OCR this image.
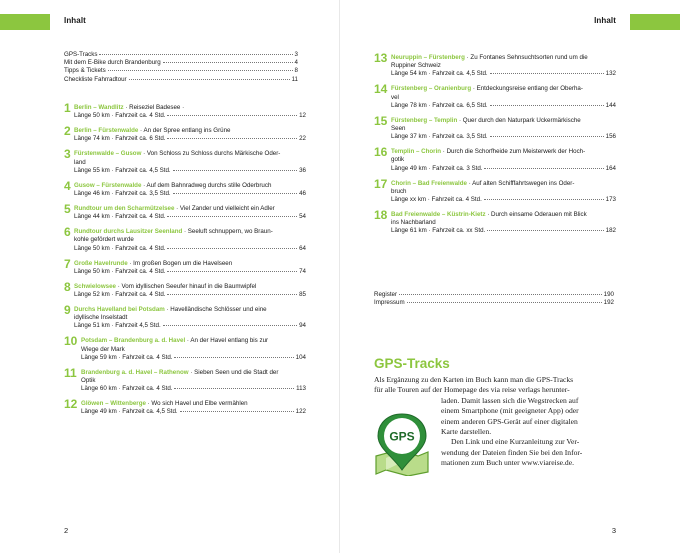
Inhalt	Inhalt
GPS-Tracks	3
Mit dem E-Bike durch Brandenburg	4
Tipps & Tickets	8
Checkliste Fahrradtour	11
1 Berlin – Wandlitz · Reiseziel Badesee ·
Länge 50 km · Fahrzeit ca. 4 Std.	12
2 Berlin – Fürstenwalde · An der Spree entlang ins Grüne
Länge 74 km · Fahrzeit ca. 6 Std.	22
3 Fürstenwalde – Gusow · Von Schloss zu Schloss durchs Märkische Oder-
land
Länge 55 km · Fahrzeit ca. 4,5 Std.	36
4 Gusow – Fürstenwalde · Auf dem Bahnradweg durchs stille Oderbruch
Länge 46 km · Fahrzeit ca. 3,5 Std.	46
5 Rundtour um den Scharmützelsee · Viel Zander und vielleicht ein Adler
Länge 44 km · Fahrzeit ca. 4 Std.	54
6 Rundtour durchs Lausitzer Seenland · Seeluft schnuppern, wo Braun-
kohle gefördert wurde
Länge 50 km · Fahrzeit ca. 4 Std.	64
7 Große Havelrunde · Im großen Bogen um die Havelseen
Länge 50 km · Fahrzeit ca. 4 Std.	74
8 Schwielowsee · Vom idyllischen Seeufer hinauf in die Baumwipfel
Länge 52 km · Fahrzeit ca. 4 Std.	85
9 Durchs Havelland bei Potsdam · Havelländische Schlösser und eine
idyllische Inselstadt
Länge 51 km · Fahrzeit 4,5 Std.	94
10 Potsdam – Brandenburg a. d. Havel · An der Havel entlang bis zur
Wiege der Mark
Länge 59 km · Fahrzeit ca. 4 Std.	104
11 Brandenburg a. d. Havel – Rathenow · Sieben Seen und die Stadt der
Optik
Länge 60 km · Fahrzeit ca. 4 Std.	113
12 Glöwen – Wittenberge · Wo sich Havel und Elbe vermählen
Länge 49 km · Fahrzeit ca. 4,5 Std.	122
13 Neuruppin – Fürstenberg · Zu Fontanes Sehnsuchtsorten rund um die
Ruppiner Schweiz
Länge 54 km · Fahrzeit ca. 4,5 Std.	132
14 Fürstenberg – Oranienburg · Entdeckungsreise entlang der Oberha-
vel
Länge 78 km · Fahrzeit ca. 6,5 Std.	144
15 Fürstenberg – Templin · Quer durch den Naturpark Uckermärkische
Seen
Länge 37 km · Fahrzeit ca. 3,5 Std.	156
16 Templin – Chorin · Durch die Schorfheide zum Meisterwerk der Hoch-
gotik
Länge 49 km · Fahrzeit ca. 3 Std.	164
17 Chorin – Bad Freienwalde · Auf alten Schifffahrtswegen ins Oder-
bruch
Länge xx km · Fahrzeit ca. 4 Std.	173
18 Bad Freienwalde – Küstrin-Kietz · Durch einsame Oderauen mit Blick
ins Nachbarland
Länge 61 km · Fahrzeit ca. xx Std.	182
Register	190
Impressum	192
GPS-Tracks
GPS
Als Ergänzung zu den Karten im Buch kann man die GPS-Tracks
für alle Touren auf der Homepage des via reise verlags herunter-
laden. Damit lassen sich die Wegstrecken auf
einem Smartphone (mit geeigneter App) oder
einem anderen GPS-Gerät auf einer digitalen
Karte darstellen.
Den Link und eine Kurzanleitung zur Ver-
wendung der Dateien finden Sie bei den Infor-
mationen zum Buch unter www.viareise.de.
2	3
